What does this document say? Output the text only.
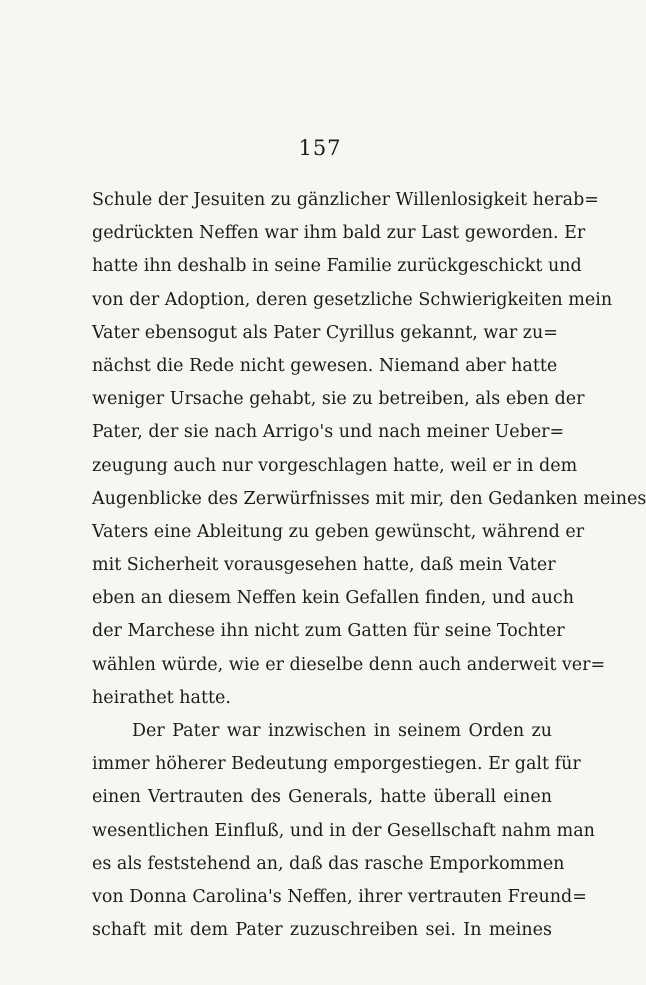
157
Schule der Jesuiten zu gänzlicher Willenlosigkeit herab=
gedrückten Neffen war ihm bald zur Last geworden. Er
hatte ihn deshalb in seine Familie zurückgeschickt und
von der Adoption, deren gesetzliche Schwierigkeiten mein
Vater ebensogut als Pater Cyrillus gekannt, war zu=
nächst die Rede nicht gewesen. Niemand aber hatte
weniger Ursache gehabt, sie zu betreiben, als eben der
Pater, der sie nach Arrigo's und nach meiner Ueber=
zeugung auch nur vorgeschlagen hatte, weil er in dem
Augenblicke des Zerwürfnisses mit mir, den Gedanken meines
Vaters eine Ableitung zu geben gewünscht, während er
mit Sicherheit vorausgesehen hatte, daß mein Vater
eben an diesem Neffen kein Gefallen finden, und auch
der Marchese ihn nicht zum Gatten für seine Tochter
wählen würde, wie er dieselbe denn auch anderweit ver=
heirathet hatte.
Der Pater war inzwischen in seinem Orden zu
immer höherer Bedeutung emporgestiegen. Er galt für
einen Vertrauten des Generals, hatte überall einen
wesentlichen Einfluß, und in der Gesellschaft nahm man
es als feststehend an, daß das rasche Emporkommen
von Donna Carolina's Neffen, ihrer vertrauten Freund=
schaft mit dem Pater zuzuschreiben sei. In meines
